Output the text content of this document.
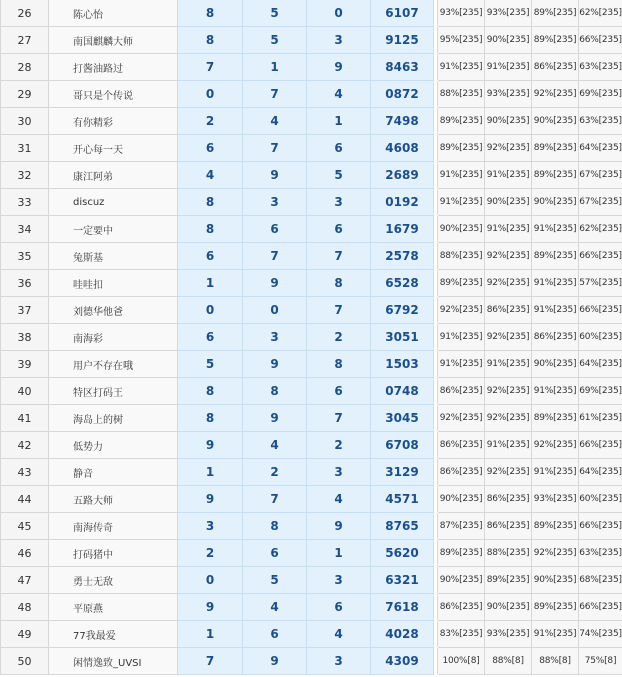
26	陈心怡	8	5	0	6107		93%[235]	93%[235]	89%[235]	62%[235]
27	南国麒麟大师	8	5	3	9125		95%[235]	90%[235]	89%[235]	66%[235]
28	打酱油路过	7	1	9	8463		91%[235]	91%[235]	86%[235]	63%[235]
29	哥只是个传说	0	7	4	0872		88%[235]	93%[235]	92%[235]	69%[235]
30	有你精彩	2	4	1	7498		89%[235]	90%[235]	90%[235]	63%[235]
31	开心每一天	6	7	6	4608		89%[235]	92%[235]	89%[235]	64%[235]
32	康江阿弟	4	9	5	2689		91%[235]	91%[235]	89%[235]	67%[235]
33	discuz	8	3	3	0192		91%[235]	90%[235]	90%[235]	67%[235]
34	一定要中	8	6	6	1679		90%[235]	91%[235]	91%[235]	62%[235]
35	兔斯基	6	7	7	2578		88%[235]	92%[235]	89%[235]	66%[235]
36	哇哇扣	1	9	8	6528		89%[235]	92%[235]	91%[235]	57%[235]
37	刘德华他爸	0	0	7	6792		92%[235]	86%[235]	91%[235]	66%[235]
38	南海彩	6	3	2	3051		91%[235]	92%[235]	86%[235]	60%[235]
39	用户不存在哦	5	9	8	1503		91%[235]	91%[235]	90%[235]	64%[235]
40	特区打码王	8	8	6	0748		86%[235]	92%[235]	91%[235]	69%[235]
41	海岛上的树	8	9	7	3045		92%[235]	92%[235]	89%[235]	61%[235]
42	低势力	9	4	2	6708		86%[235]	91%[235]	92%[235]	66%[235]
43	静音	1	2	3	3129		86%[235]	92%[235]	91%[235]	64%[235]
44	五路大师	9	7	4	4571		90%[235]	86%[235]	93%[235]	60%[235]
45	南海传奇	3	8	9	8765		87%[235]	86%[235]	89%[235]	66%[235]
46	打码猪中	2	6	1	5620		89%[235]	88%[235]	92%[235]	63%[235]
47	勇士无敌	0	5	3	6321		90%[235]	89%[235]	90%[235]	68%[235]
48	平原燕	9	4	6	7618		86%[235]	90%[235]	89%[235]	66%[235]
49	77我最爱	1	6	4	4028		83%[235]	93%[235]	91%[235]	74%[235]
50	闲情逸致_UVSI	7	9	3	4309		100%[8]	88%[8]	88%[8]	75%[8]
